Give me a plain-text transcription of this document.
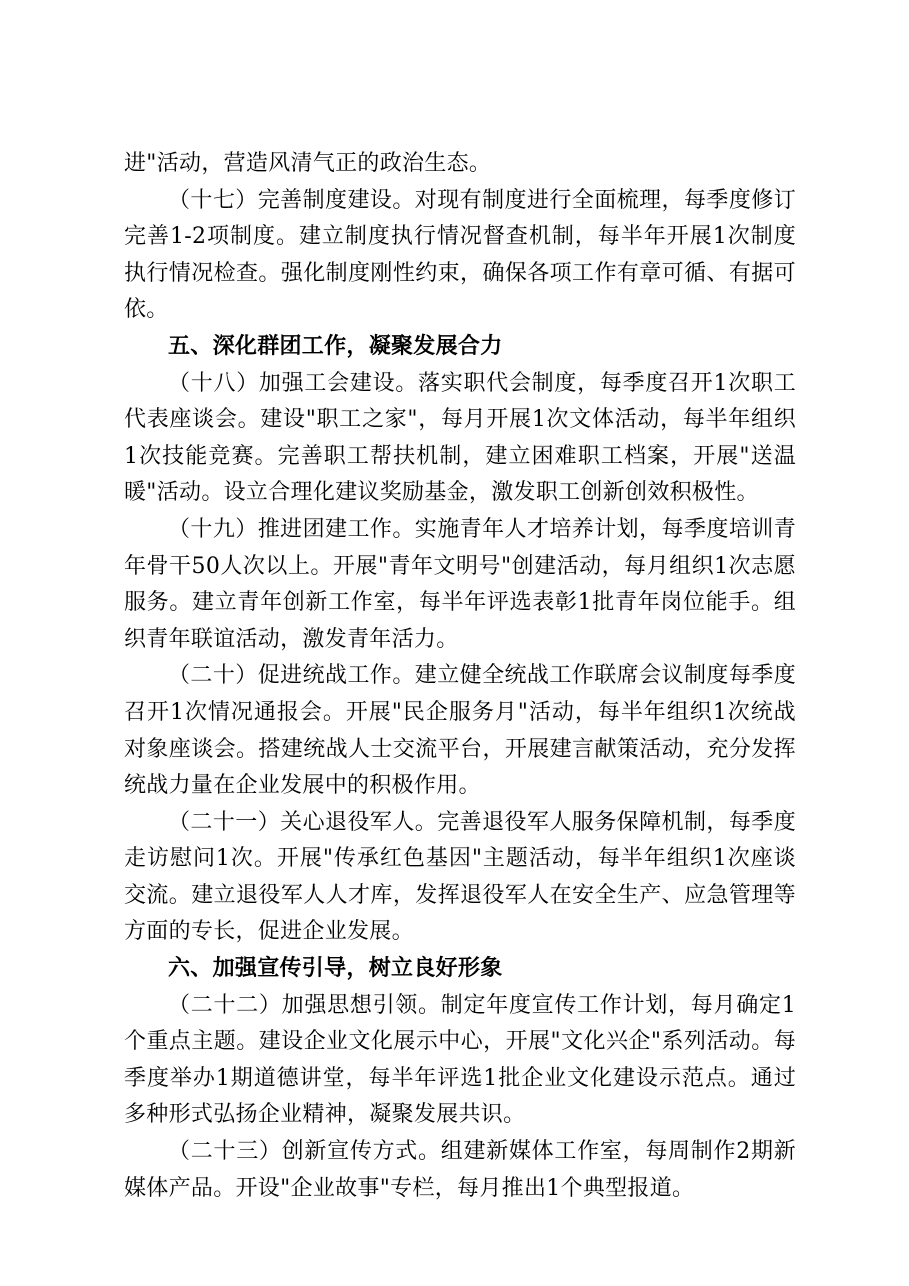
进"活动，营造风清气正的政治生态。

（十七）完善制度建设。对现有制度进行全面梳理，每季度修订完善1-2项制度。建立制度执行情况督查机制，每半年开展1次制度执行情况检查。强化制度刚性约束，确保各项工作有章可循、有据可依。

五、深化群团工作，凝聚发展合力

（十八）加强工会建设。落实职代会制度，每季度召开1次职工代表座谈会。建设"职工之家"，每月开展1次文体活动，每半年组织1次技能竞赛。完善职工帮扶机制，建立困难职工档案，开展"送温暖"活动。设立合理化建议奖励基金，激发职工创新创效积极性。

（十九）推进团建工作。实施青年人才培养计划，每季度培训青年骨干50人次以上。开展"青年文明号"创建活动，每月组织1次志愿服务。建立青年创新工作室，每半年评选表彰1批青年岗位能手。组织青年联谊活动，激发青年活力。

（二十）促进统战工作。建立健全统战工作联席会议制度每季度召开1次情况通报会。开展"民企服务月"活动，每半年组织1次统战对象座谈会。搭建统战人士交流平台，开展建言献策活动，充分发挥统战力量在企业发展中的积极作用。

（二十一）关心退役军人。完善退役军人服务保障机制，每季度走访慰问1次。开展"传承红色基因"主题活动，每半年组织1次座谈交流。建立退役军人人才库，发挥退役军人在安全生产、应急管理等方面的专长，促进企业发展。

六、加强宣传引导，树立良好形象

（二十二）加强思想引领。制定年度宣传工作计划，每月确定1个重点主题。建设企业文化展示中心，开展"文化兴企"系列活动。每季度举办1期道德讲堂，每半年评选1批企业文化建设示范点。通过多种形式弘扬企业精神，凝聚发展共识。

（二十三）创新宣传方式。组建新媒体工作室，每周制作2期新媒体产品。开设"企业故事"专栏，每月推出1个典型报道。
